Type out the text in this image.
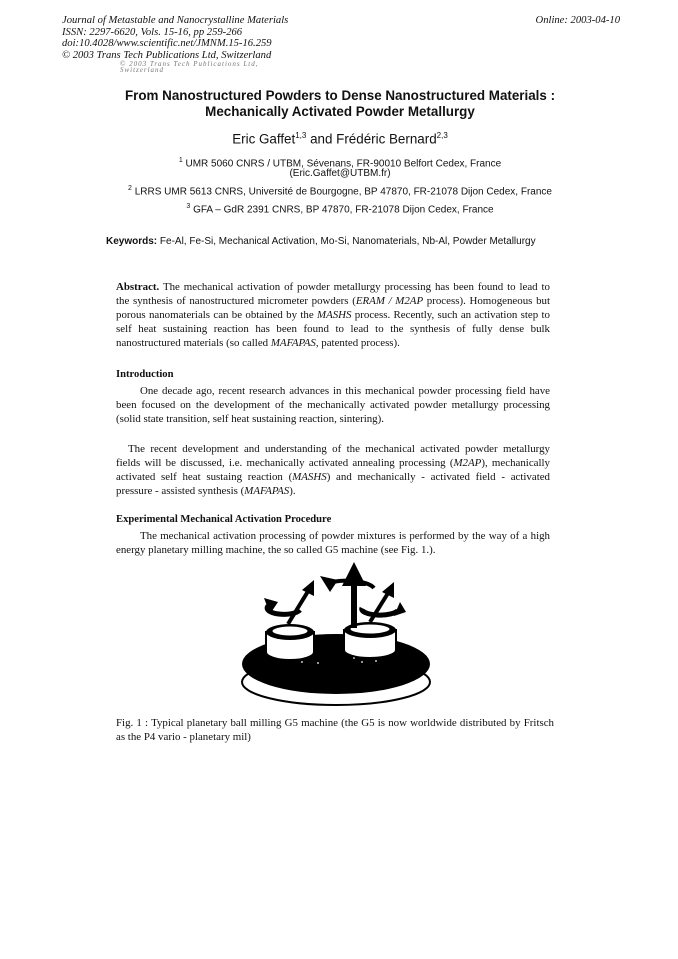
Journal of Metastable and Nanocrystalline Materials
ISSN: 2297-6620, Vols. 15-16, pp 259-266
doi:10.4028/www.scientific.net/JMNM.15-16.259
© 2003 Trans Tech Publications Ltd, Switzerland
Online: 2003-04-10
© 2003 Trans Tech Publications Ltd, Switzerland
From Nanostructured Powders to Dense Nanostructured Materials :
Mechanically Activated Powder Metallurgy
Eric Gaffet$^{1,3}$ and Frédéric Bernard$^{2,3}$
$^1$ UMR 5060 CNRS / UTBM, Sévenans, FR-90010 Belfort Cedex, France
(Eric.Gaffet@UTBM.fr)
$^2$ LRRS UMR 5613 CNRS, Université de Bourgogne, BP 47870, FR-21078 Dijon Cedex, France
$^3$ GFA – GdR 2391 CNRS, BP 47870, FR-21078 Dijon Cedex, France
Keywords: Fe-Al, Fe-Si, Mechanical Activation, Mo-Si, Nanomaterials, Nb-Al, Powder Metallurgy
Abstract. The mechanical activation of powder metallurgy processing has been found to lead to the synthesis of nanostructured micrometer powders (ERAM / M2AP process). Homogeneous but porous nanomaterials can be obtained by the MASHS process. Recently, such an activation step to self heat sustaining reaction has been found to lead to the synthesis of fully dense bulk nanostructured materials (so called MAFAPAS, patented process).
Introduction
One decade ago, recent research advances in this mechanical powder processing field have been focused on the development of the mechanically activated powder metallurgy processing (solid state transition, self heat sustaining reaction, sintering).
The recent development and understanding of the mechanical activated powder metallurgy fields will be discussed, i.e. mechanically activated annealing processing (M2AP), mechanically activated self heat sustaing reaction (MASHS) and mechanically - activated field - activated pressure - assisted synthesis (MAFAPAS).
Experimental Mechanical Activation Procedure
The mechanical activation processing of powder mixtures is performed by the way of a high energy planetary milling machine, the so called G5 machine (see Fig. 1.).
Fig. 1 : Typical planetary ball milling G5 machine (the G5 is now worldwide distributed by Fritsch as the P4 vario - planetary mil)
